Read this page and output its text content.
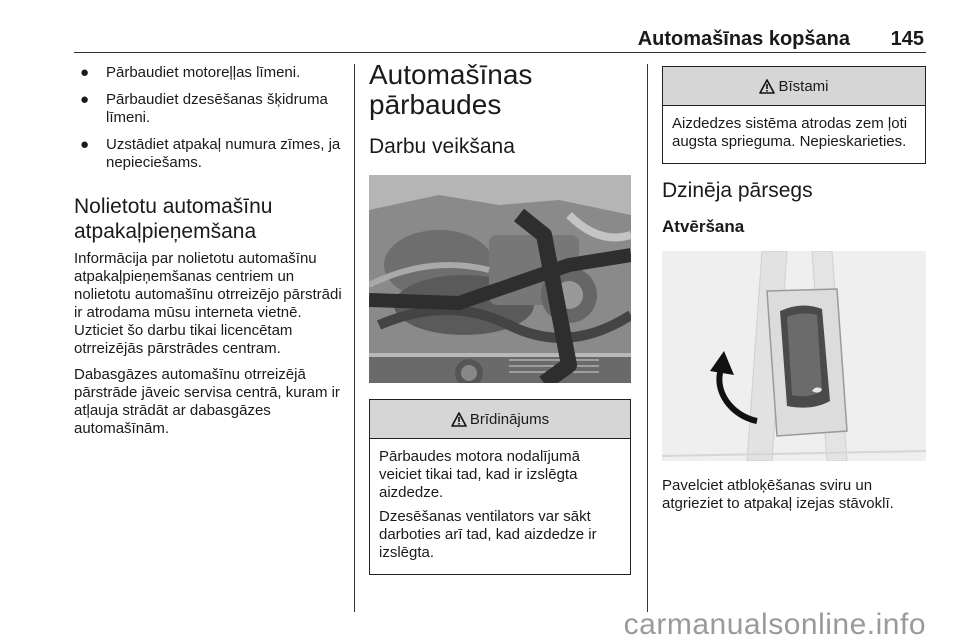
Automašīnas kopšana 145
● Pārbaudiet motoreļļas līmeni.
● Pārbaudiet dzesēšanas šķidruma līmeni.
● Uzstādiet atpakaļ numura zīmes, ja nepieciešams.
Nolietotu automašīnu atpakaļpieņemšana

Informācija par nolietotu automašīnu atpakaļpieņemšanas centriem un nolietotu automašīnu otrreizējo pārstrādi ir atrodama mūsu interneta vietnē. Uzticiet šo darbu tikai licencētam otrreizējās pārstrādes centram.

Dabasgāzes automašīnu otrreizējā pārstrāde jāveic servisa centrā, kuram ir atļauja strādāt ar dabasgāzes automašīnām.

Automašīnas
pārbaudes
Darbu veikšana
Brīdinājums

Pārbaudes motora nodalījumā veiciet tikai tad, kad ir izslēgta aizdedze.

Dzesēšanas ventilators var sākt darboties arī tad, kad aizdedze ir izslēgta.

Bīstami

Aizdedzes sistēma atrodas zem ļoti augsta sprieguma. Nepieskarieties.

Dzinēja pārsegs
Atvēršana

Pavelciet atbloķēšanas sviru un atgrieziet to atpakaļ izejas stāvoklī.

carmanualsonline.info
